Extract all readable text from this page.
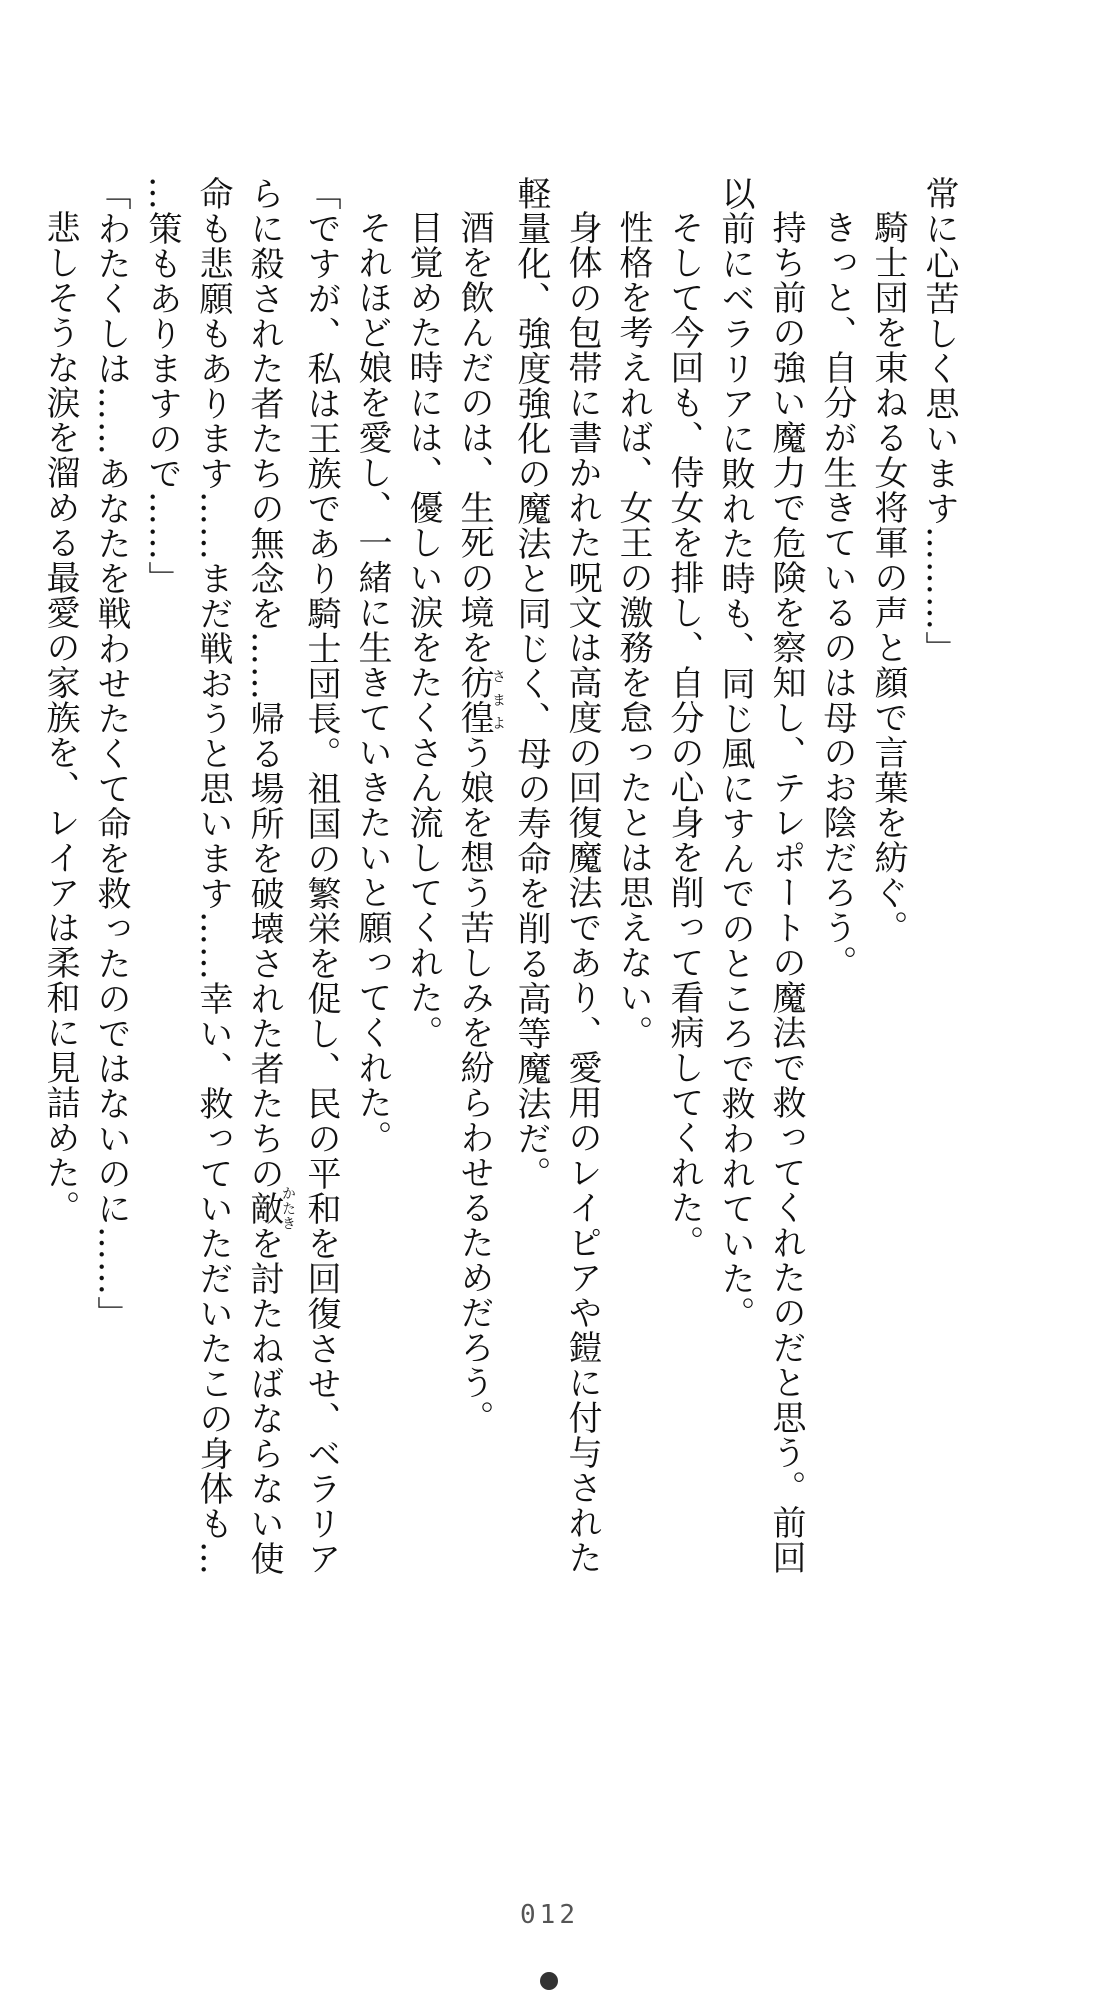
常に心苦しく思います………」
騎士団を束ねる女将軍の声と顔で言葉を紡ぐ。
きっと、自分が生きているのは母のお陰だろう。
持ち前の強い魔力で危険を察知し、テレポートの魔法で救ってくれたのだと思う。前回
以前にベラリアに敗れた時も、同じ風にすんでのところで救われていた。
そして今回も、侍女を排し、自分の心身を削って看病してくれた。
性格を考えれば、女王の激務を怠ったとは思えない。
身体の包帯に書かれた呪文は高度の回復魔法であり、愛用のレイピアや鎧に付与された
軽量化、強度強化の魔法と同じく、母の寿命を削る高等魔法だ。
酒を飲んだのは、生死の境を彷徨さまよう娘を想う苦しみを紛らわせるためだろう。
目覚めた時には、優しい涙をたくさん流してくれた。
それほど娘を愛し、一緒に生きていきたいと願ってくれた。
「ですが、私は王族であり騎士団長。祖国の繁栄を促し、民の平和を回復させ、ベラリア
らに殺された者たちの無念を……帰る場所を破壊された者たちの敵かたきを討たねばならない使
命も悲願もあります……まだ戦おうと思います……幸い、救っていただいたこの身体も…
…策もありますので……」
「わたくしは……あなたを戦わせたくて命を救ったのではないのに……」
悲しそうな涙を溜める最愛の家族を、レイアは柔和に見詰めた。
012
